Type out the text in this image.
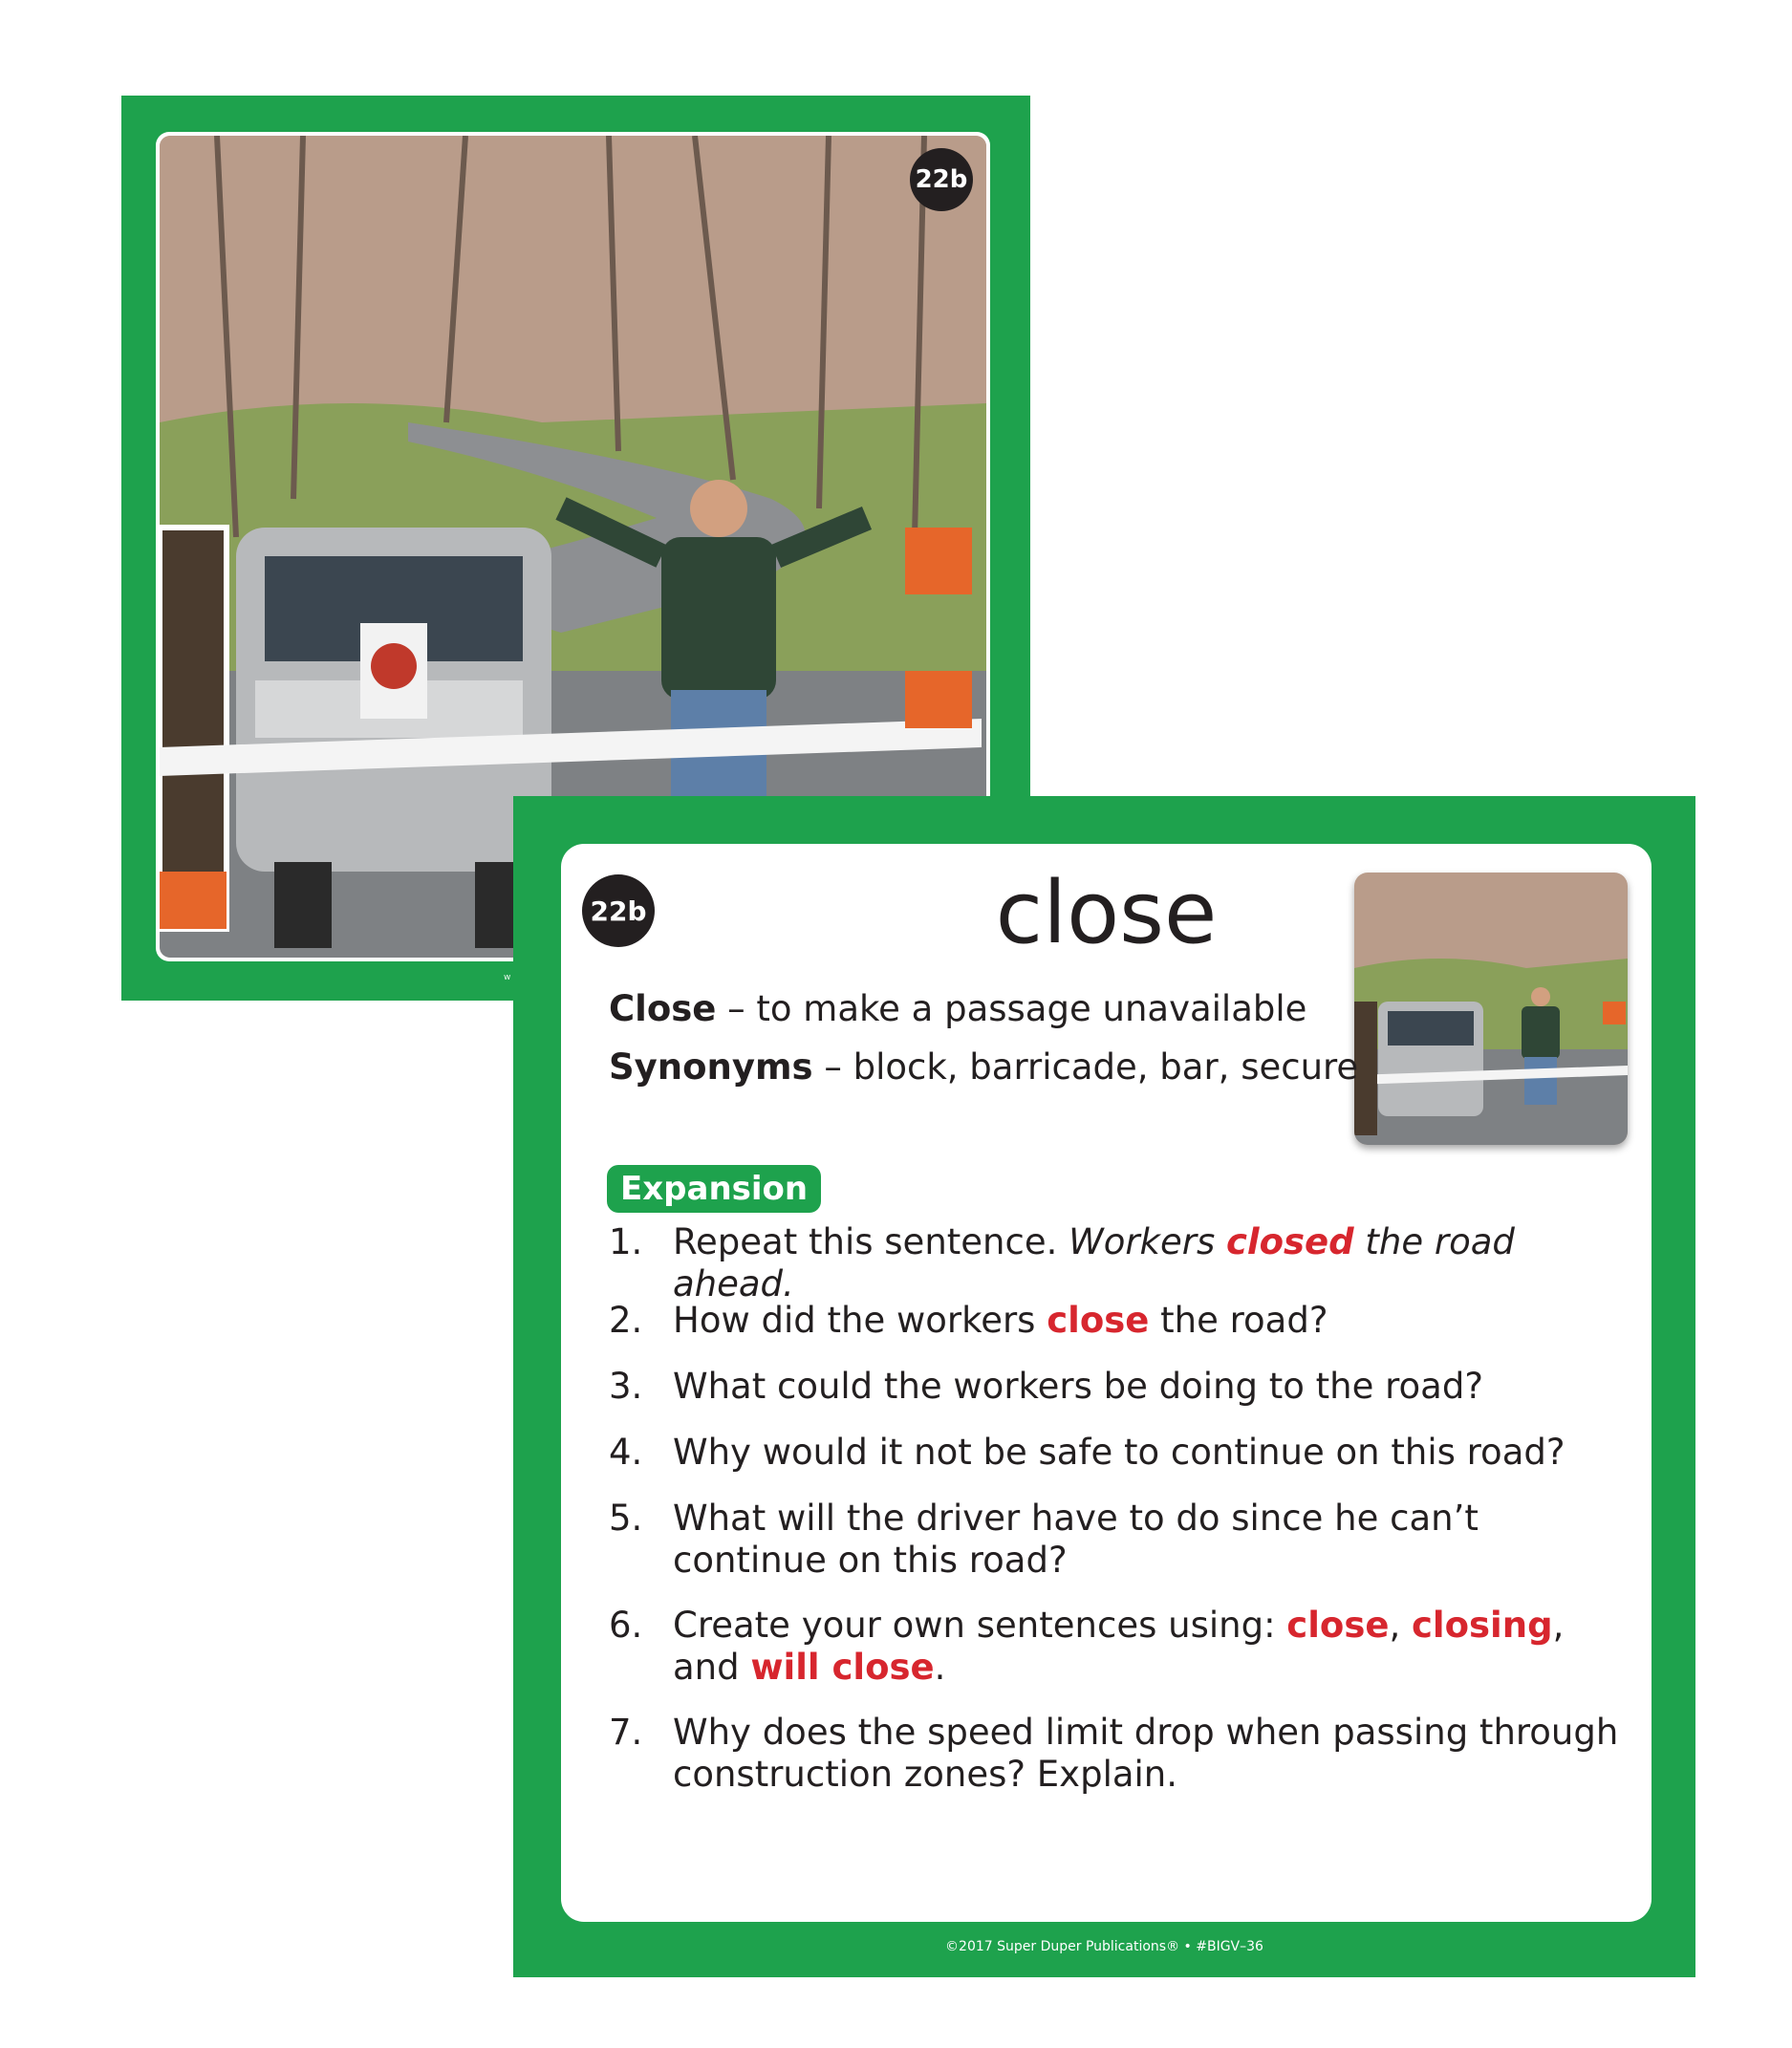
22b
w
22b	close
Close – to make a passage unavailable
Synonyms – block, barricade, bar, secure
Expansion
1. Repeat this sentence. Workers closed the road ahead.
2. How did the workers close the road?
3. What could the workers be doing to the road?
4. Why would it not be safe to continue on this road?
5. What will the driver have to do since he can’t continue on this road?
6. Create your own sentences using: close, closing, and will close.
7. Why does the speed limit drop when passing through construction zones? Explain.
©2017 Super Duper Publications® • #BIGV–36
